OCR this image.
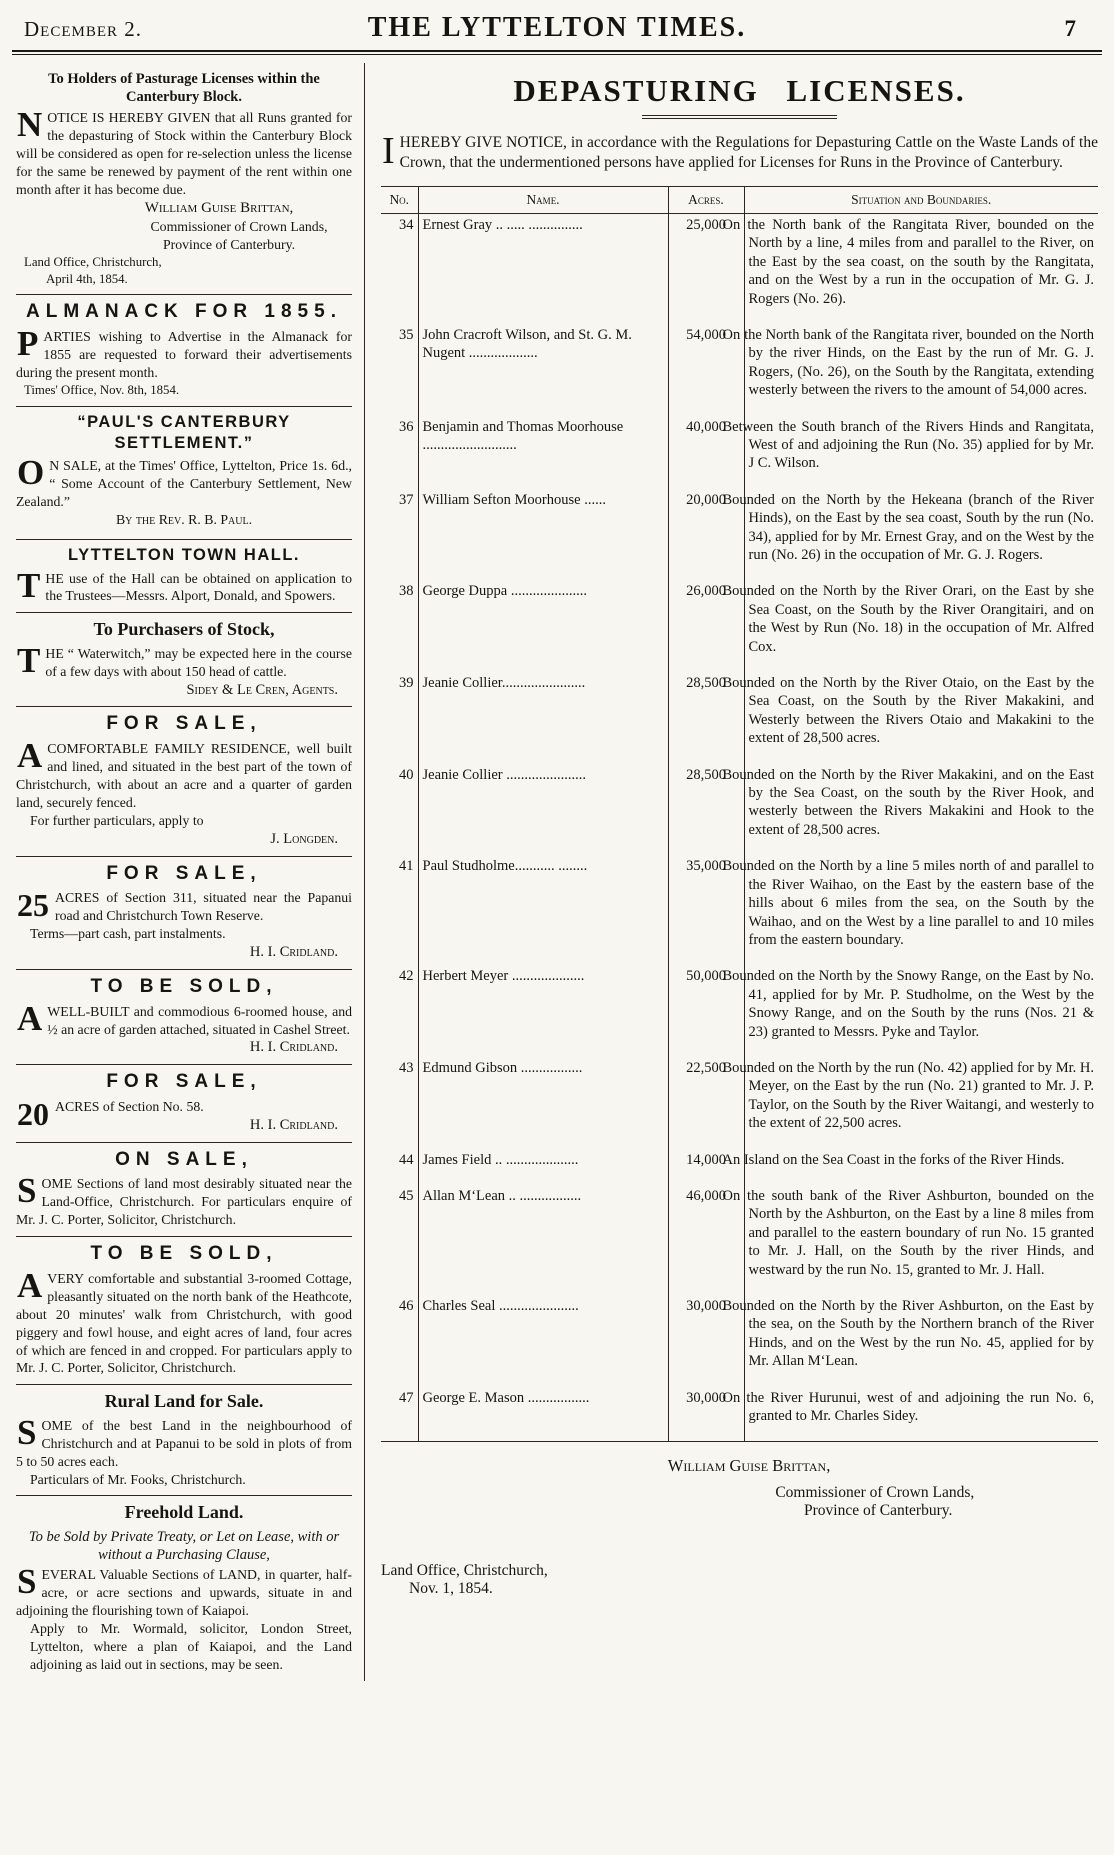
December 2.	THE LYTTELTON TIMES.	7
To Holders of Pasturage Licenses within the Canterbury Block.

NOTICE IS HEREBY GIVEN that all Runs granted for the depasturing of Stock within the Canterbury Block will be considered as open for re-selection unless the license for the same be renewed by payment of the rent within one month after it has become due.

William Guise Brittan,
Commissioner of Crown Lands,
Province of Canterbury.
Land Office, Christchurch,
April 4th, 1854.
ALMANACK FOR 1855.

PARTIES wishing to Advertise in the Almanack for 1855 are requested to forward their advertisements during the present month.

Times' Office, Nov. 8th, 1854.
“PAUL'S CANTERBURY SETTLEMENT.”

O N SALE, at the Times' Office, Lyttelton, Price 1s. 6d., “ Some Account of the Canterbury Settlement, New Zealand.”

By the Rev. R. B. Paul.
LYTTELTON TOWN HALL.

THE use of the Hall can be obtained on application to the Trustees—Messrs. Alport, Donald, and Spowers.

To Purchasers of Stock,

THE “ Waterwitch,” may be expected here in the course of a few days with about 150 head of cattle.

Sidey & Le Cren, Agents.
FOR SALE,

ACOMFORTABLE FAMILY RESIDENCE, well built and lined, and situated in the best part of the town of Christchurch, with about an acre and a quarter of garden land, securely fenced.

For further particulars, apply to
J. Longden.
FOR SALE,

25 ACRES of Section 311, situated near the Papanui road and Christchurch Town Reserve.

Terms—part cash, part instalments.
H. I. Cridland.
TO BE SOLD,

AWELL-BUILT and commodious 6-roomed house, and ½ an acre of garden attached, situated in Cashel Street.

H. I. Cridland.
FOR SALE,

20 ACRES of Section No. 58.

H. I. Cridland.
ON SALE,

SOME Sections of land most desirably situated near the Land-Office, Christchurch. For particulars enquire of Mr. J. C. Porter, Solicitor, Christchurch.

TO BE SOLD,

AVERY comfortable and substantial 3-roomed Cottage, pleasantly situated on the north bank of the Heathcote, about 20 minutes' walk from Christchurch, with good piggery and fowl house, and eight acres of land, four acres of which are fenced in and cropped. For particulars apply to Mr. J. C. Porter, Solicitor, Christchurch.

Rural Land for Sale.

SOME of the best Land in the neighbourhood of Christchurch and at Papanui to be sold in plots of from 5 to 50 acres each.

Particulars of Mr. Fooks, Christchurch.
Freehold Land.
To be Sold by Private Treaty, or Let on Lease, with or without a Purchasing Clause,

SEVERAL Valuable Sections of LAND, in quarter, half-acre, or acre sections and upwards, situate in and adjoining the flourishing town of Kaiapoi.

Apply to Mr. Wormald, solicitor, London Street, Lyttelton, where a plan of Kaiapoi, and the Land adjoining as laid out in sections, may be seen.

DEPASTURING LICENSES.

IHEREBY GIVE NOTICE, in accordance with the Regulations for Depasturing Cattle on the Waste Lands of the Crown, that the undermentioned persons have applied for Licenses for Runs in the Province of Canterbury.

No.	Name.	Acres.	Situation and Boundaries.
34	Ernest Gray .. ..... ...............	25,000	On the North bank of the Rangitata River, bounded on the North by a line, 4 miles from and parallel to the River, on the East by the sea coast, on the south by the Rangitata, and on the West by a run in the occupation of Mr. G. J. Rogers (No. 26).
35	John Cracroft Wilson, and St. G. M. Nugent ...................	54,000	On the North bank of the Rangitata river, bounded on the North by the river Hinds, on the East by the run of Mr. G. J. Rogers, (No. 26), on the South by the Rangitata, extending westerly between the rivers to the amount of 54,000 acres.
36	Benjamin and Thomas Moorhouse ..........................	40,000	Between the South branch of the Rivers Hinds and Rangitata, West of and adjoining the Run (No. 35) applied for by Mr. J C. Wilson.
37	William Sefton Moorhouse ......	20,000	Bounded on the North by the Hekeana (branch of the River Hinds), on the East by the sea coast, South by the run (No. 34), applied for by Mr. Ernest Gray, and on the West by the run (No. 26) in the occupation of Mr. G. J. Rogers.
38	George Duppa .....................	26,000	Bounded on the North by the River Orari, on the East by she Sea Coast, on the South by the River Orangitairi, and on the West by Run (No. 18) in the occupation of Mr. Alfred Cox.
39	Jeanie Collier.......................	28,500	Bounded on the North by the River Otaio, on the East by the Sea Coast, on the South by the River Makakini, and Westerly between the Rivers Otaio and Makakini to the extent of 28,500 acres.
40	Jeanie Collier ......................	28,500	Bounded on the North by the River Makakini, and on the East by the Sea Coast, on the south by the River Hook, and westerly between the Rivers Makakini and Hook to the extent of 28,500 acres.
41	Paul Studholme........... ........	35,000	Bounded on the North by a line 5 miles north of and parallel to the River Waihao, on the East by the eastern base of the hills about 6 miles from the sea, on the South by the Waihao, and on the West by a line parallel to and 10 miles from the eastern boundary.
42	Herbert Meyer ....................	50,000	Bounded on the North by the Snowy Range, on the East by No. 41, applied for by Mr. P. Studholme, on the West by the Snowy Range, and on the South by the runs (Nos. 21 & 23) granted to Messrs. Pyke and Taylor.
43	Edmund Gibson .................	22,500	Bounded on the North by the run (No. 42) applied for by Mr. H. Meyer, on the East by the run (No. 21) granted to Mr. J. P. Taylor, on the South by the River Waitangi, and westerly to the extent of 22,500 acres.
44	James Field .. ....................	14,000	An Island on the Sea Coast in the forks of the River Hinds.
45	Allan M‘Lean .. .................	46,000	On the south bank of the River Ashburton, bounded on the North by the Ashburton, on the East by a line 8 miles from and parallel to the eastern boundary of run No. 15 granted to Mr. J. Hall, on the South by the river Hinds, and westward by the run No. 15, granted to Mr. J. Hall.
46	Charles Seal ......................	30,000	Bounded on the North by the River Ashburton, on the East by the sea, on the South by the Northern branch of the River Hinds, and on the West by the run No. 45, applied for by Mr. Allan M‘Lean.
47	George E. Mason .................	30,000	On the River Hurunui, west of and adjoining the run No. 6, granted to Mr. Charles Sidey.
William Guise Brittan,
Commissioner of Crown Lands,
Province of Canterbury.
Land Office, Christchurch,
Nov. 1, 1854.
